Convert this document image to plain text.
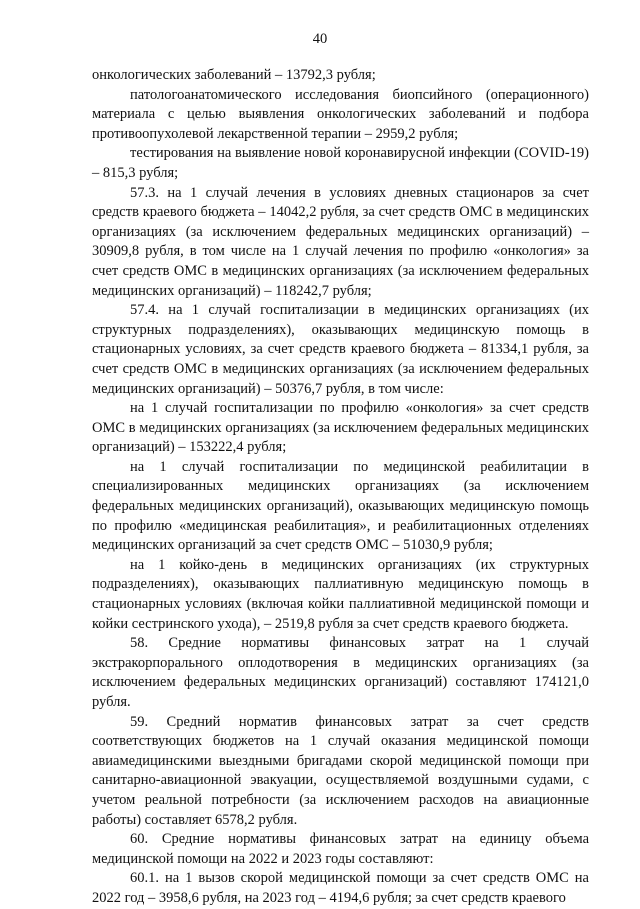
40

онкологических заболеваний – 13792,3 рубля;

патологоанатомического исследования биопсийного (операционного) материала с целью выявления онкологических заболеваний и подбора противоопухолевой лекарственной терапии – 2959,2 рубля;

тестирования на выявление новой коронавирусной инфекции (COVID-19) – 815,3 рубля;

57.3. на 1 случай лечения в условиях дневных стационаров за счет средств краевого бюджета – 14042,2 рубля, за счет средств ОМС в медицинских организациях (за исключением федеральных медицинских организаций) – 30909,8 рубля, в том числе на 1 случай лечения по профилю «онкология» за счет средств ОМС в медицинских организациях (за исключением федеральных медицинских организаций) – 118242,7 рубля;

57.4. на 1 случай госпитализации в медицинских организациях (их структурных подразделениях), оказывающих медицинскую помощь в стационарных условиях, за счет средств краевого бюджета – 81334,1 рубля, за счет средств ОМС в медицинских организациях (за исключением федеральных медицинских организаций) – 50376,7 рубля, в том числе:

на 1 случай госпитализации по профилю «онкология» за счет средств ОМС в медицинских организациях (за исключением федеральных медицинских организаций) – 153222,4 рубля;

на 1 случай госпитализации по медицинской реабилитации в специализированных медицинских организациях (за исключением федеральных медицинских организаций), оказывающих медицинскую помощь по профилю «медицинская реабилитация», и реабилитационных отделениях медицинских организаций за счет средств ОМС – 51030,9 рубля;

на 1 койко-день в медицинских организациях (их структурных подразделениях), оказывающих паллиативную медицинскую помощь в стационарных условиях (включая койки паллиативной медицинской помощи и койки сестринского ухода), – 2519,8 рубля за счет средств краевого бюджета.

58. Средние нормативы финансовых затрат на 1 случай экстракорпорального оплодотворения в медицинских организациях (за исключением федеральных медицинских организаций) составляют 174121,0 рубля.

59. Средний норматив финансовых затрат за счет средств соответствующих бюджетов на 1 случай оказания медицинской помощи авиамедицинскими выездными бригадами скорой медицинской помощи при санитарно-авиационной эвакуации, осуществляемой воздушными судами, с учетом реальной потребности (за исключением расходов на авиационные работы) составляет 6578,2 рубля.

60. Средние нормативы финансовых затрат на единицу объема медицинской помощи на 2022 и 2023 годы составляют:

60.1. на 1 вызов скорой медицинской помощи за счет средств ОМС на 2022 год – 3958,6 рубля, на 2023 год – 4194,6 рубля; за счет средств краевого
